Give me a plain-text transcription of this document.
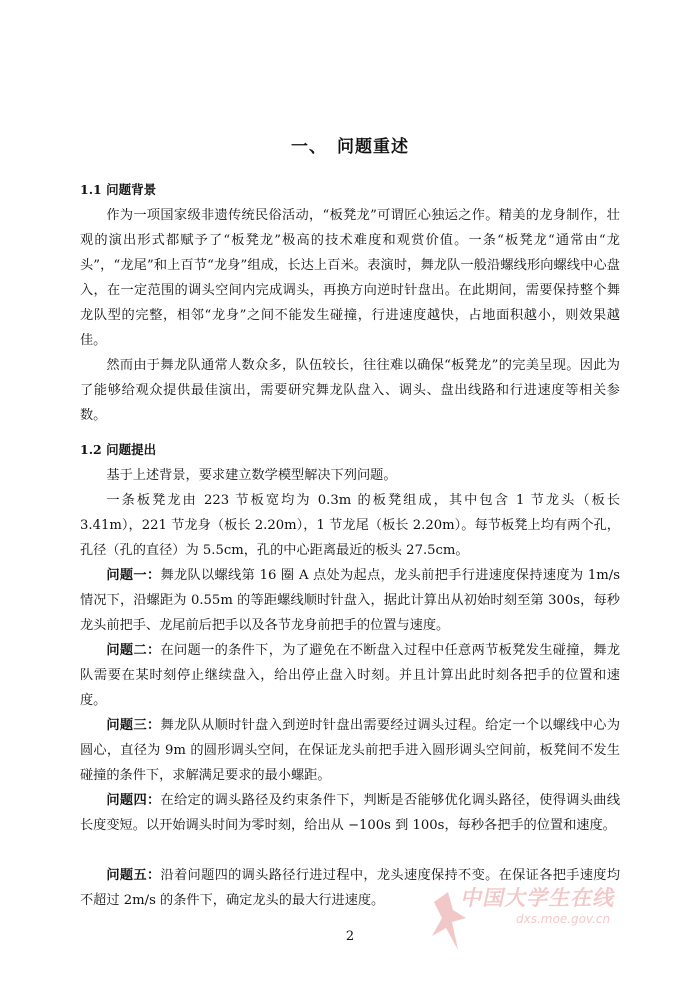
一、 问题重述
1.1 问题背景

作为一项国家级非遗传统民俗活动，“板凳龙”可谓匠心独运之作。精美的龙身制作，壮观的演出形式都赋予了“板凳龙”极高的技术难度和观赏价值。一条“板凳龙“通常由“龙头”，“龙尾”和上百节“龙身”组成，长达上百米。表演时，舞龙队一般沿螺线形向螺线中心盘入，在一定范围的调头空间内完成调头，再换方向逆时针盘出。在此期间，需要保持整个舞龙队型的完整，相邻“龙身”之间不能发生碰撞，行进速度越快，占地面积越小，则效果越佳。

然而由于舞龙队通常人数众多，队伍较长，往往难以确保“板凳龙”的完美呈现。因此为了能够给观众提供最佳演出，需要研究舞龙队盘入、调头、盘出线路和行进速度等相关参数。

1.2 问题提出

基于上述背景，要求建立数学模型解决下列问题。

一条板凳龙由 223 节板宽均为 0.3m 的板凳组成，其中包含 1 节龙头（板长 3.41m），221 节龙身（板长 2.20m），1 节龙尾（板长 2.20m）。每节板凳上均有两个孔，孔径（孔的直径）为 5.5cm，孔的中心距离最近的板头 27.5cm。

问题一：舞龙队以螺线第 16 圈 A 点处为起点，龙头前把手行进速度保持速度为 1m/s 情况下，沿螺距为 0.55m 的等距螺线顺时针盘入，据此计算出从初始时刻至第 300s，每秒龙头前把手、龙尾前后把手以及各节龙身前把手的位置与速度。

问题二：在问题一的条件下，为了避免在不断盘入过程中任意两节板凳发生碰撞，舞龙队需要在某时刻停止继续盘入，给出停止盘入时刻。并且计算出此时刻各把手的位置和速度。

问题三：舞龙队从顺时针盘入到逆时针盘出需要经过调头过程。给定一个以螺线中心为圆心，直径为 9m 的圆形调头空间，在保证龙头前把手进入圆形调头空间前，板凳间不发生碰撞的条件下，求解满足要求的最小螺距。

问题四：在给定的调头路径及约束条件下，判断是否能够优化调头路径，使得调头曲线长度变短。以开始调头时间为零时刻，给出从 −100s 到 100s，每秒各把手的位置和速度。

问题五：沿着问题四的调头路径行进过程中，龙头速度保持不变。在保证各把手速度均不超过 2m/s 的条件下，确定龙头的最大行进速度。

2
中国大学生在线
dxs.moe.gov.cn
